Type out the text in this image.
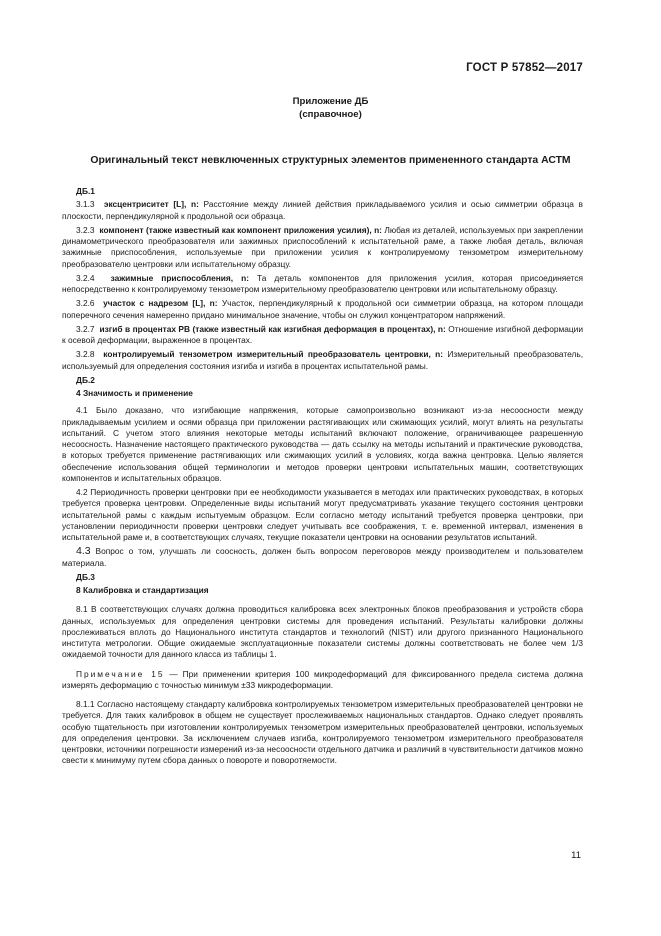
ГОСТ Р 57852—2017
Приложение ДБ
(справочное)
Оригинальный текст невключенных структурных элементов примененного стандарта АСТМ

ДБ.1

3.1.3 эксцентриситет [L], n: Расстояние между линией действия прикладываемого усилия и осью симметрии образца в плоскости, перпендикулярной к продольной оси образца.

3.2.3 компонент (также известный как компонент приложения усилия), n: Любая из деталей, используемых при закреплении динамометрического преобразователя или зажимных приспособлений к испытательной раме, а также любая деталь, включая зажимные приспособления, используемые при приложении усилия к контролируемому тензометром измерительному преобразователю центровки или испытательному образцу.

3.2.4 зажимные приспособления, n: Та деталь компонентов для приложения усилия, которая присоединяется непосредственно к контролируемому тензометром измерительному преобразователю центровки или испытательному образцу.

3.2.6 участок с надрезом [L], n: Участок, перпендикулярный к продольной оси симметрии образца, на котором площади поперечного сечения намеренно придано минимальное значение, чтобы он служил концентратором напряжений.

3.2.7 изгиб в процентах PB (также известный как изгибная деформация в процентах), n: Отношение изгибной деформации к осевой деформации, выраженное в процентах.

3.2.8 контролируемый тензометром измерительный преобразователь центровки, n: Измерительный преобразователь, используемый для определения состояния изгиба и изгиба в процентах испытательной рамы.

ДБ.2

4 Значимость и применение

4.1 Было доказано, что изгибающие напряжения, которые самопроизвольно возникают из-за несоосности между прикладываемым усилием и осями образца при приложении растягивающих или сжимающих усилий, могут влиять на результаты испытаний. С учетом этого влияния некоторые методы испытаний включают положение, ограничивающее разрешенную несоосность. Назначение настоящего практического руководства — дать ссылку на методы испытаний и практические руководства, в которых требуется применение растягивающих или сжимающих усилий в условиях, когда важна центровка. Целью является обеспечение использования общей терминологии и методов проверки центровки испытательных машин, соответствующих компонентов и испытательных образцов.

4.2 Периодичность проверки центровки при ее необходимости указывается в методах или практических руководствах, в которых требуется проверка центровки. Определенные виды испытаний могут предусматривать указание текущего состояния центровки испытательной рамы с каждым испытуемым образцом. Если согласно методу испытаний требуется проверка центровки, при установлении периодичности проверки центровки следует учитывать все соображения, т. е. временной интервал, изменения в испытательной раме и, в соответствующих случаях, текущие показатели центровки на основании результатов испытаний.

4.3 Вопрос о том, улучшать ли соосность, должен быть вопросом переговоров между производителем и пользователем материала.

ДБ.3

8 Калибровка и стандартизация

8.1 В соответствующих случаях должна проводиться калибровка всех электронных блоков преобразования и устройств сбора данных, используемых для определения центровки системы для проведения испытаний. Результаты калибровки должны прослеживаться вплоть до Национального института стандартов и технологий (NIST) или другого признанного Национального института метрологии. Общие ожидаемые эксплуатационные показатели системы должны соответствовать не более чем 1/3 ожидаемой точности для данного класса из таблицы 1.

Примечание 15 — При применении критерия 100 микродеформаций для фиксированного предела система должна измерять деформацию с точностью минимум ±33 микродеформации.

8.1.1 Согласно настоящему стандарту калибровка контролируемых тензометром измерительных преобразователей центровки не требуется. Для таких калибровок в общем не существует прослеживаемых национальных стандартов. Однако следует проявлять особую тщательность при изготовлении контролируемых тензометром измерительных преобразователей центровки, используемых для определения центровки. За исключением случаев изгиба, контролируемого тензометром измерительного преобразователя центровки, источники погрешности измерений из-за несоосности отдельного датчика и различий в чувствительности датчиков можно свести к минимуму путем сбора данных о повороте и поворотяемости.

11
